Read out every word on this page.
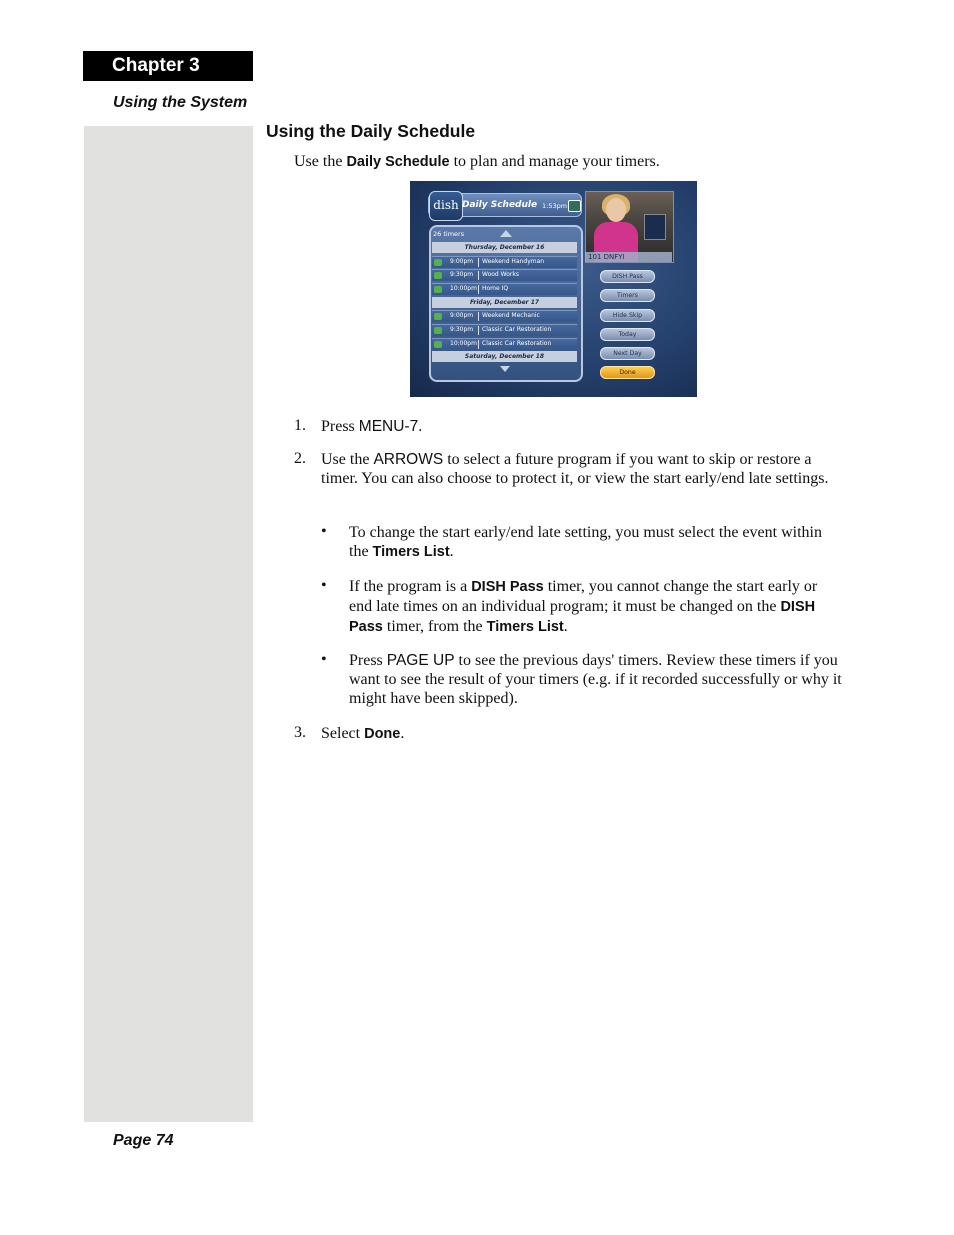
Chapter 3
Using the System
Using the Daily Schedule
Use the Daily Schedule to plan and manage your timers.
dish Daily Schedule 1:53pm
26 timers
Thursday, December 16
9:00pm Weekend Handyman
9:30pm Wood Works
10:00pm Home IQ
Friday, December 17
9:00pm Weekend Mechanic
9:30pm Classic Car Restoration
10:00pm Classic Car Restoration
Saturday, December 18
101 DNFYI
DISH Pass
Timers
Hide Skip
Today
Next Day
Done
1. Press MENU-7.
2. Use the ARROWS to select a future program if you want to skip or restore a timer. You can also choose to protect it, or view the start early/end late settings.
3. Select Done.
• To change the start early/end late setting, you must select the event within the Timers List.
• If the program is a DISH Pass timer, you cannot change the start early or end late times on an individual program; it must be changed on the DISH Pass timer, from the Timers List.
• Press PAGE UP to see the previous days' timers. Review these timers if you want to see the result of your timers (e.g. if it recorded successfully or why it might have been skipped).
Page 74
